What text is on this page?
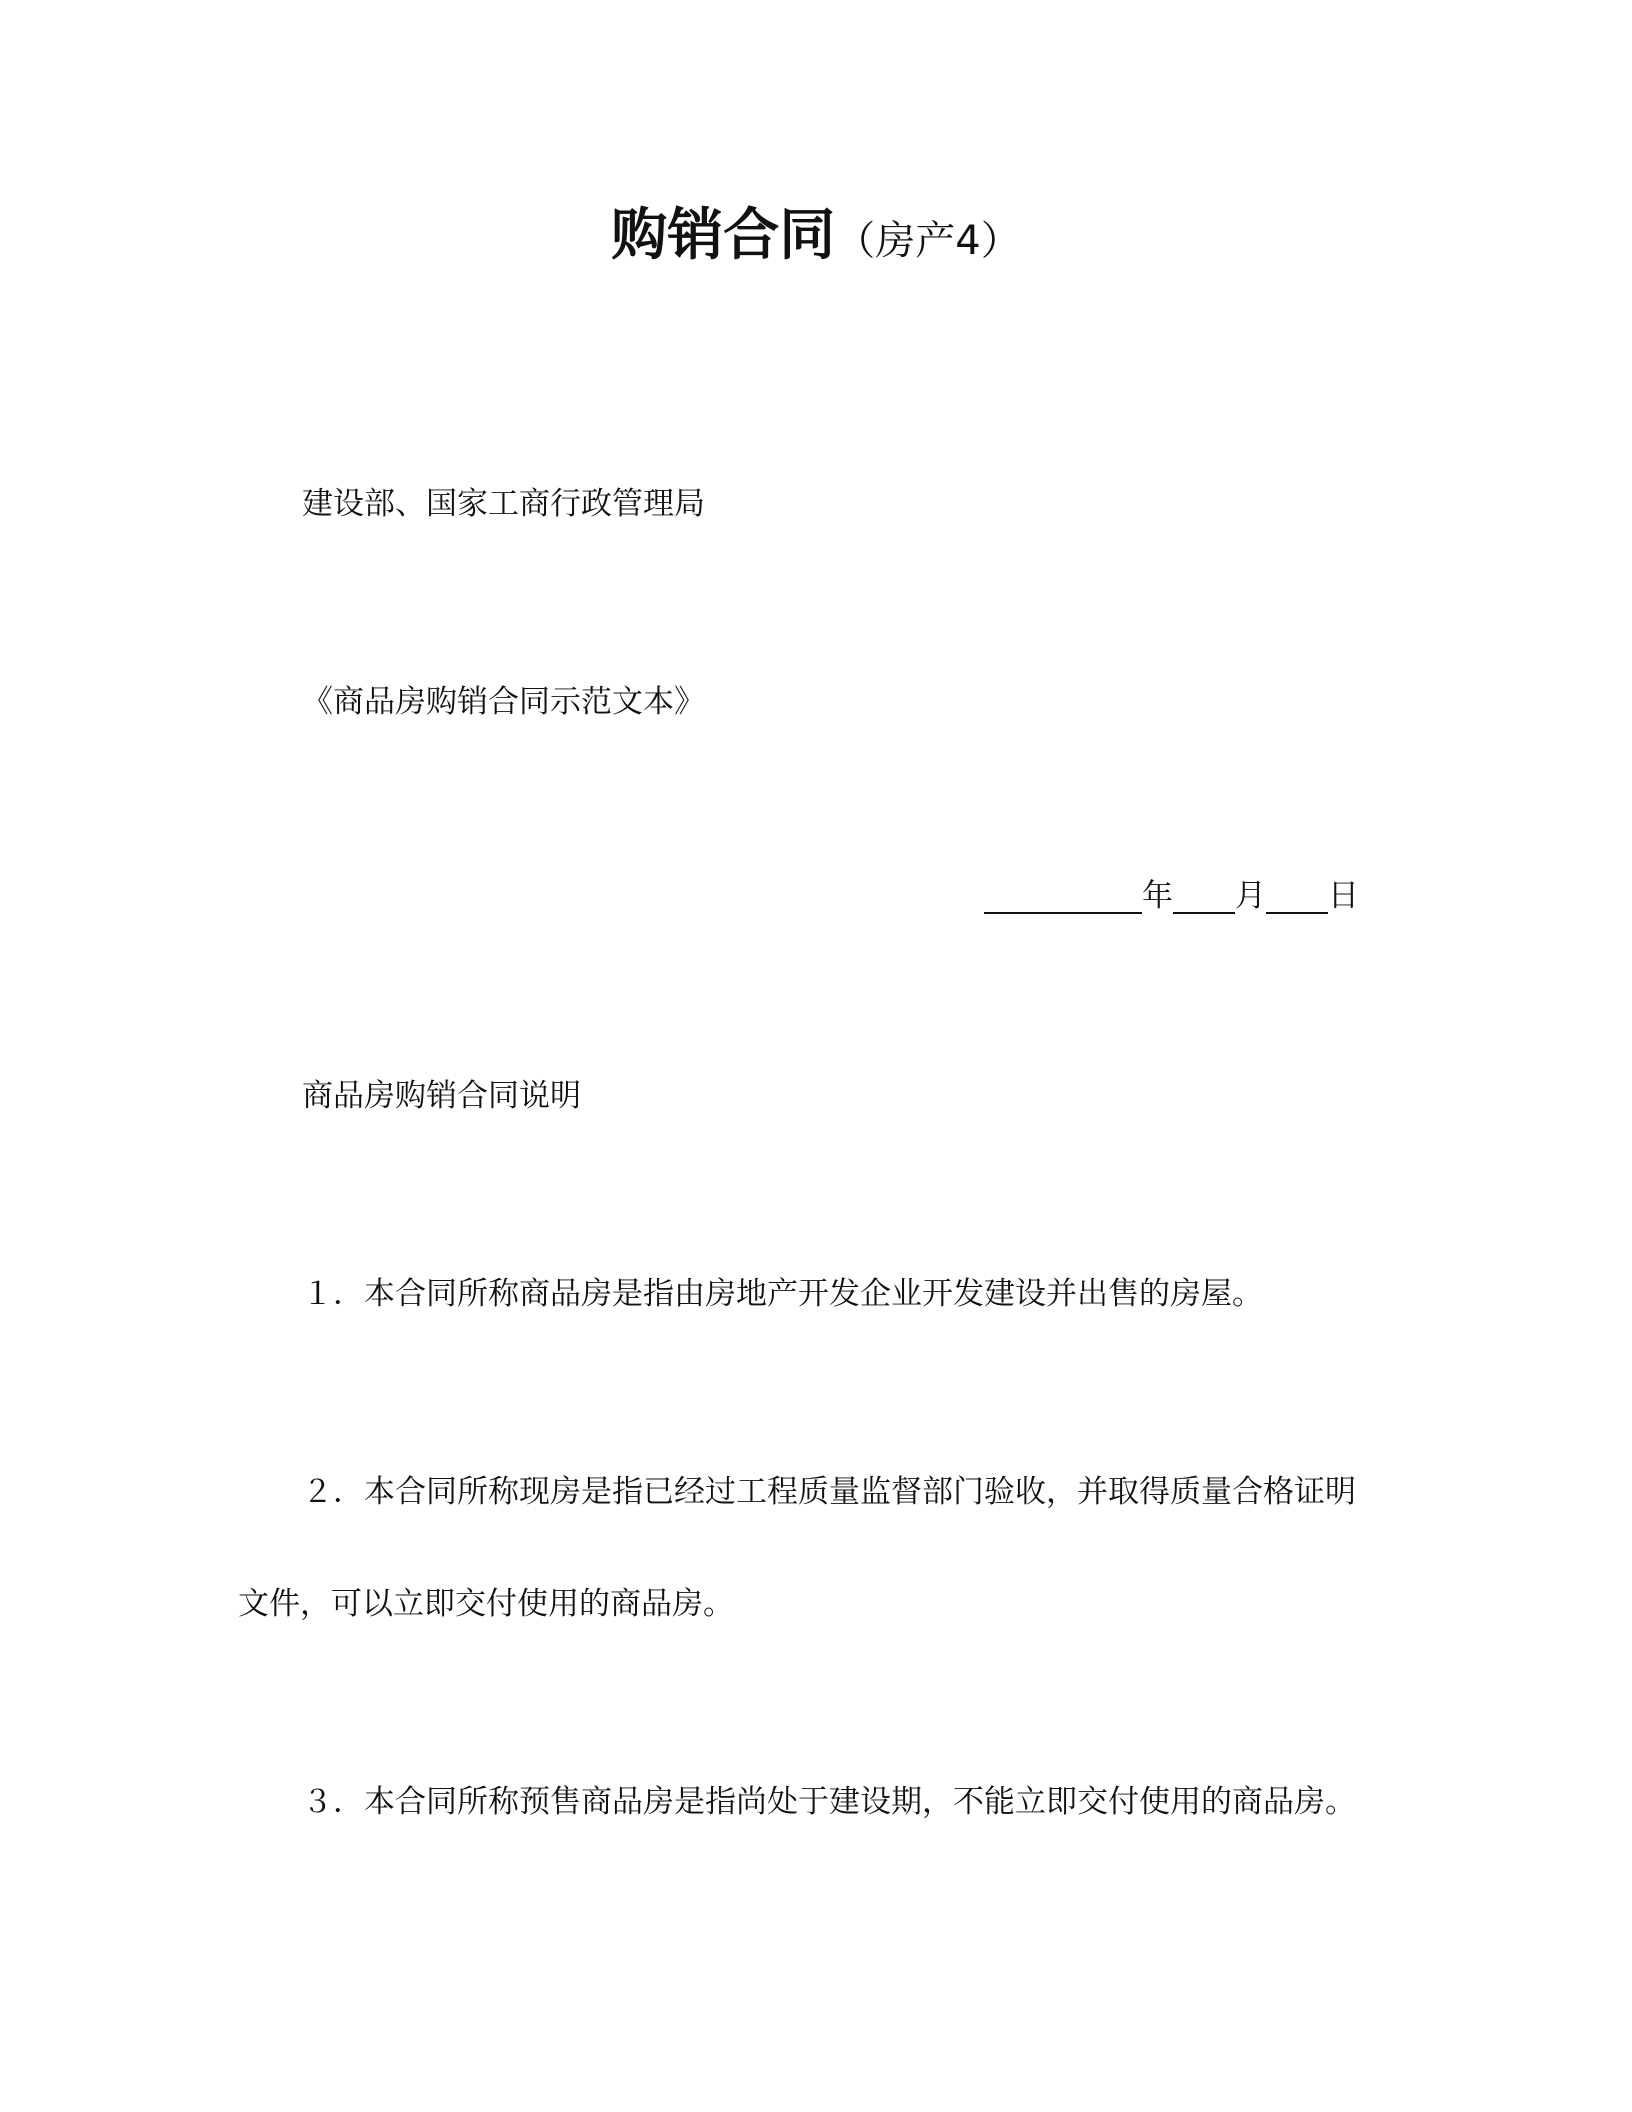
购销合同（房产4）
建设部、国家工商行政管理局
《商品房购销合同示范文本》
年 月 日
商品房购销合同说明
１．本合同所称商品房是指由房地产开发企业开发建设并出售的房屋。
２．本合同所称现房是指已经过工程质量监督部门验收，并取得质量合格证明
文件，可以立即交付使用的商品房。
３．本合同所称预售商品房是指尚处于建设期，不能立即交付使用的商品房。
